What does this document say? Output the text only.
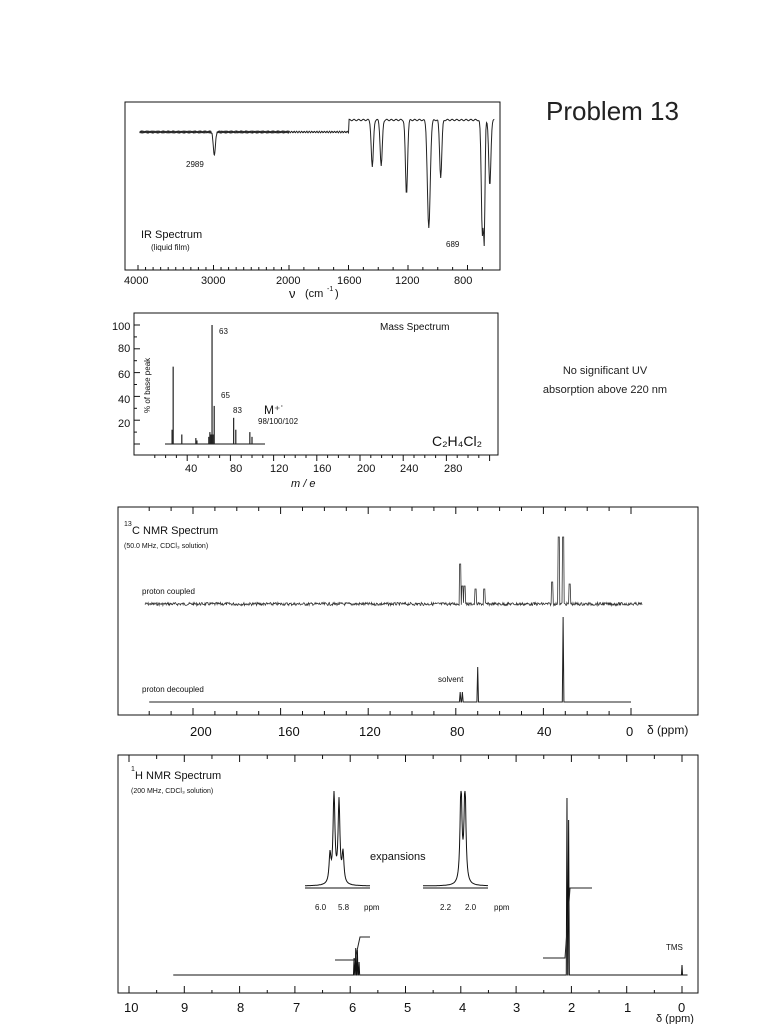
Problem 13
No significant UV
absorption above 220 nm
2989
689
IR Spectrum
(liquid film)
4000	3000	2000	1600	1200	800
ν (cm -1 )
Mass Spectrum
C₂H₄Cl₂
63
65
83 M⁺˙
98/100/102
100
80
60
40
20
% of base peak
40	80	120 160 200 240 280
m / e
13
C NMR Spectrum
(50.0 MHz, CDCl₃ solution)
proton coupled
proton decoupled
solvent
200	160	120	80	40	0 δ (ppm)
1
H NMR Spectrum
(200 MHz, CDCl₃ solution)
expansions
TMS
6.0 5.8 ppm	2.2 2.0 ppm
10	9	8	7	6	5	4	3	2	1	0
δ (ppm)
